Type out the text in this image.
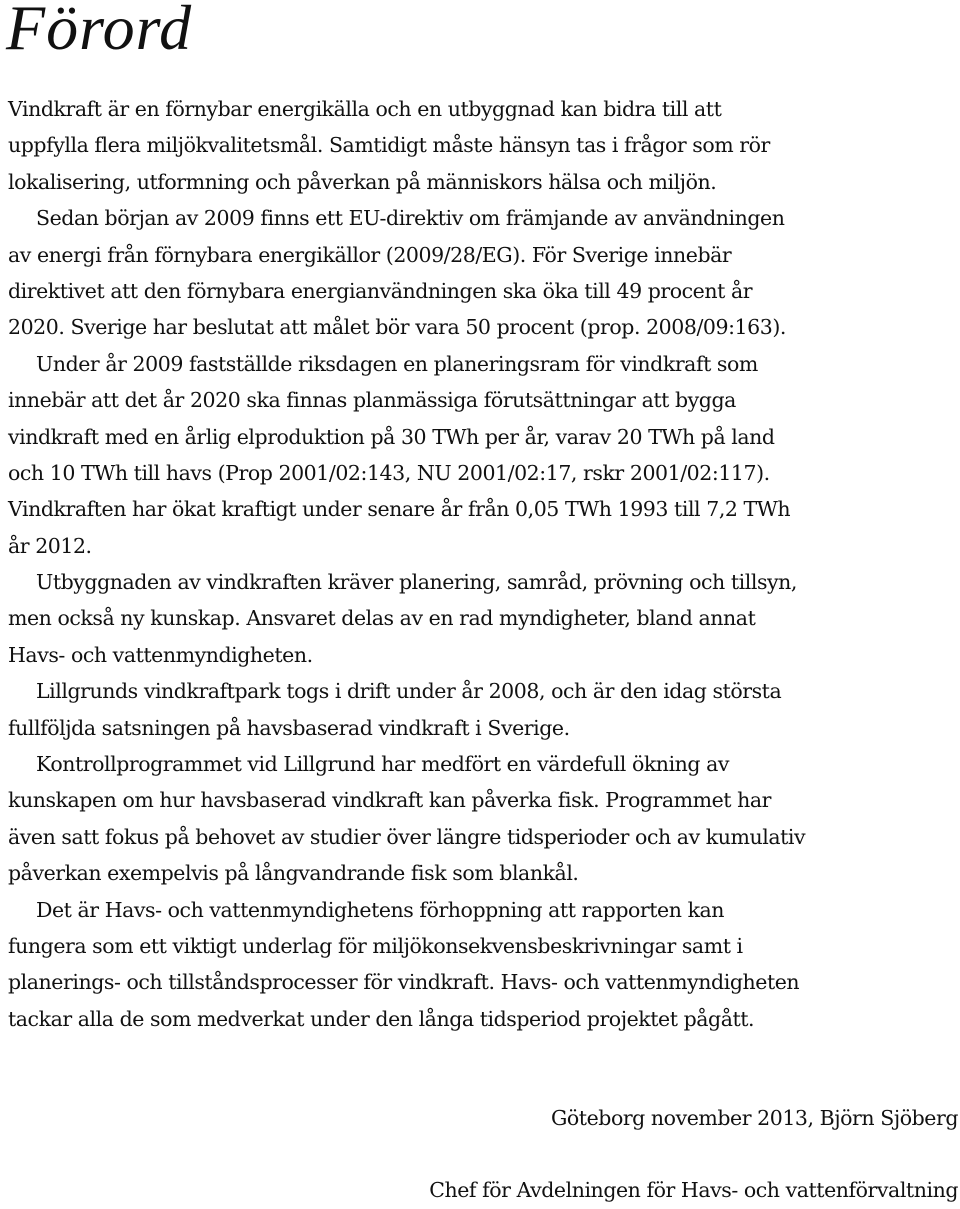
Förord

Vindkraft är en förnybar energikälla och en utbyggnad kan bidra till att
uppfylla flera miljökvalitetsmål. Samtidigt måste hänsyn tas i frågor som rör
lokalisering, utformning och påverkan på människors hälsa och miljön.

Sedan början av 2009 finns ett EU-direktiv om främjande av användningen
av energi från förnybara energikällor (2009/28/EG). För Sverige innebär
direktivet att den förnybara energianvändningen ska öka till 49 procent år
2020. Sverige har beslutat att målet bör vara 50 procent (prop. 2008/09:163).

Under år 2009 fastställde riksdagen en planeringsram för vindkraft som
innebär att det år 2020 ska finnas planmässiga förutsättningar att bygga
vindkraft med en årlig elproduktion på 30 TWh per år, varav 20 TWh på land
och 10 TWh till havs (Prop 2001/02:143, NU 2001/02:17, rskr 2001/02:117).
Vindkraften har ökat kraftigt under senare år från 0,05 TWh 1993 till 7,2 TWh
år 2012.

Utbyggnaden av vindkraften kräver planering, samråd, prövning och tillsyn,
men också ny kunskap. Ansvaret delas av en rad myndigheter, bland annat
Havs- och vattenmyndigheten.

Lillgrunds vindkraftpark togs i drift under år 2008, och är den idag största
fullföljda satsningen på havsbaserad vindkraft i Sverige.

Kontrollprogrammet vid Lillgrund har medfört en värdefull ökning av
kunskapen om hur havsbaserad vindkraft kan påverka fisk. Programmet har
även satt fokus på behovet av studier över längre tidsperioder och av kumulativ
påverkan exempelvis på långvandrande fisk som blankål.

Det är Havs- och vattenmyndighetens förhoppning att rapporten kan
fungera som ett viktigt underlag för miljökonsekvensbeskrivningar samt i
planerings- och tillståndsprocesser för vindkraft. Havs- och vattenmyndigheten
tackar alla de som medverkat under den långa tidsperiod projektet pågått.

Göteborg november 2013, Björn Sjöberg
Chef för Avdelningen för Havs- och vattenförvaltning
